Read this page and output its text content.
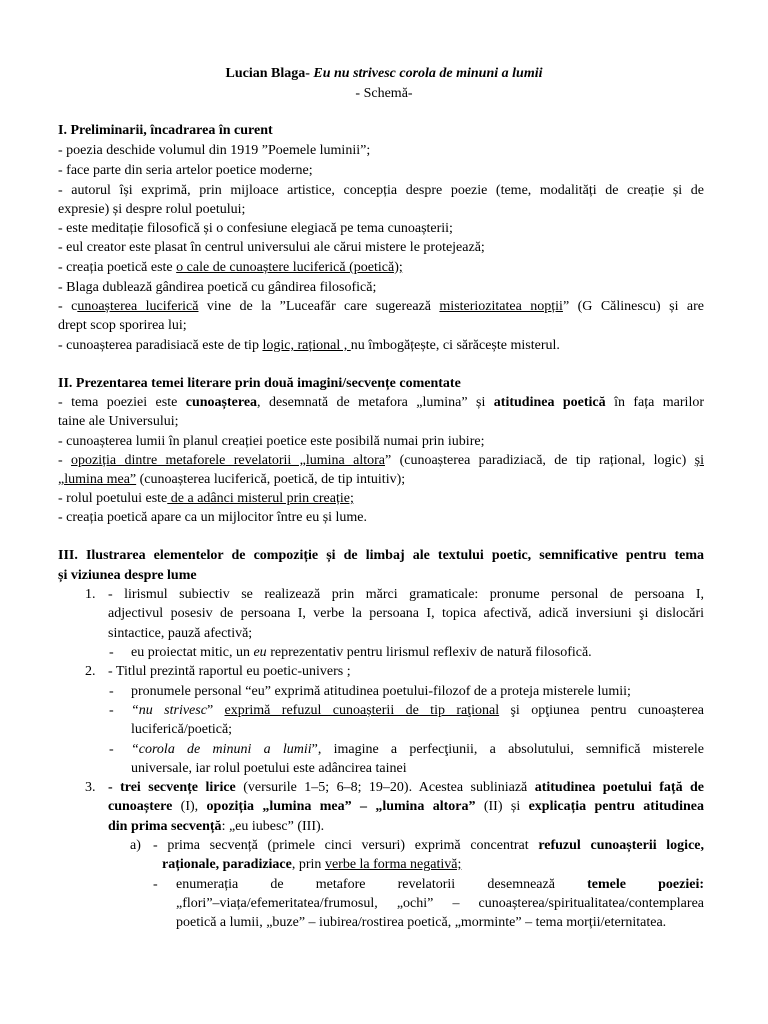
Lucian Blaga- Eu nu strivesc corola de minuni a lumii
- Schemă-
I. Preliminarii, încadrarea în curent
- poezia deschide volumul din 1919 ”Poemele luminii”;
- face parte din seria artelor poetice moderne;
- autorul își exprimă, prin mijloace artistice, concepția despre poezie (teme, modalități de creație și de
expresie) și despre rolul poetului;
- este meditație filosofică și o confesiune elegiacă pe tema cunoașterii;
- eul creator este plasat în centrul universului ale cărui mistere le protejează;
- creația poetică este o cale de cunoaștere luciferică (poetică);
- Blaga dublează gândirea poetică cu gândirea filosofică;
- cunoașterea luciferică vine de la ”Luceafăr care sugerează misteriozitatea nopții” (G Călinescu) și are
drept scop sporirea lui;
- cunoașterea paradisiacă este de tip logic, rațional , nu îmbogățește, ci sărăcește misterul.
II. Prezentarea temei literare prin două imagini/secvențe comentate
- tema poeziei este cunoașterea, desemnată de metafora „lumina” și atitudinea poetică în fața marilor
taine ale Universului;
- cunoașterea lumii în planul creației poetice este posibilă numai prin iubire;
- opoziția dintre metaforele revelatorii „lumina altora” (cunoașterea paradiziacă, de tip rațional, logic) și
„lumina mea” (cunoașterea luciferică, poetică, de tip intuitiv);
- rolul poetului este de a adânci misterul prin creație;
- creația poetică apare ca un mijlocitor între eu și lume.
III. Ilustrarea elementelor de compoziție și de limbaj ale textului poetic, semnificative pentru tema
și viziunea despre lume
1. - lirismul subiectiv se realizează prin mărci gramaticale: pronume personal de persoana I,
adjectivul posesiv de persoana I, verbe la persoana I, topica afectivă, adică inversiuni şi dislocări
sintactice, pauză afectivă;
- eu proiectat mitic, un eu reprezentativ pentru lirismul reflexiv de natură filosofică.
2. - Titlul prezintă raportul eu poetic-univers ;
- pronumele personal “eu” exprimă atitudinea poetului-filozof de a proteja misterele lumii;
- “nu strivesc” exprimă refuzul cunoașterii de tip raţional şi opţiunea pentru cunoașterea
luciferică/poetică;
- “corola de minuni a lumii”, imagine a perfecţiunii, a absolutului, semnifică misterele
universale, iar rolul poetului este adâncirea tainei
3. - trei secvențe lirice (versurile 1–5; 6–8; 19–20). Acestea subliniază atitudinea poetului față de
cunoaștere (I), opoziția „lumina mea” – „lumina altora” (II) și explicația pentru atitudinea
din prima secvență: „eu iubesc” (III).
a) - prima secvență (primele cinci versuri) exprimă concentrat refuzul cunoașterii logice,
raționale, paradiziace, prin verbe la forma negativă;
- enumerația de metafore revelatorii desemnează temele poeziei:
„flori”–viața/efemeritatea/frumosul, „ochi” – cunoașterea/spiritualitatea/contemplarea
poetică a lumii, „buze” – iubirea/rostirea poetică, „morminte” – tema morții/eternitatea.
